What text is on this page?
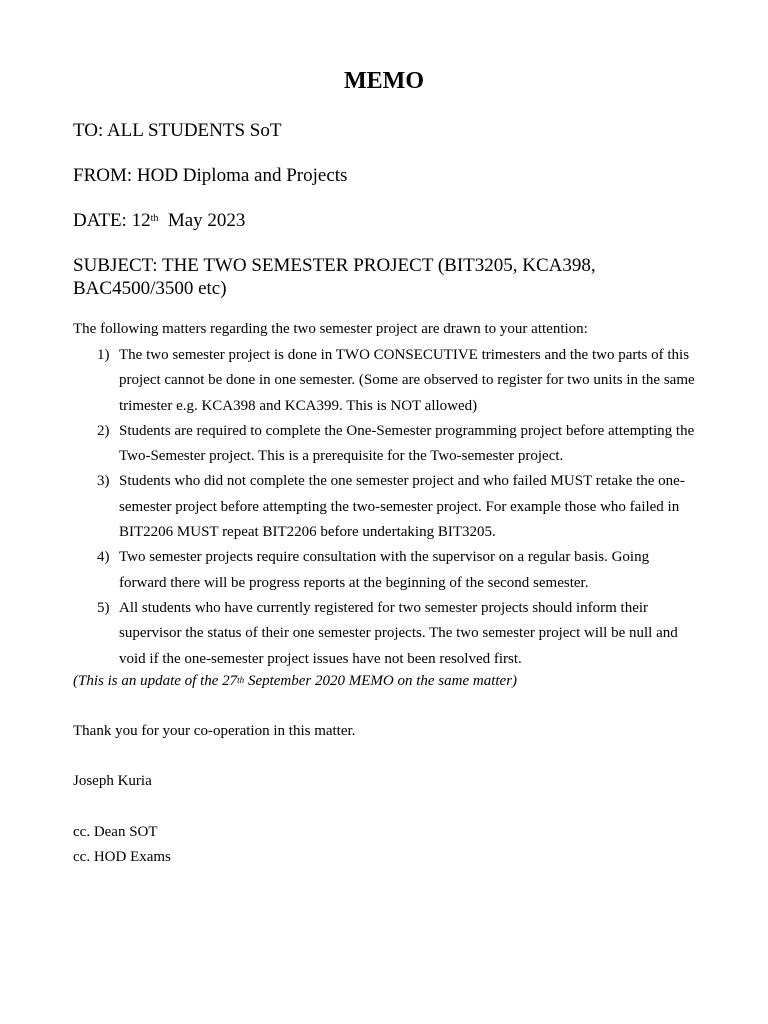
MEMO
TO: ALL STUDENTS SoT
FROM: HOD Diploma and Projects
DATE: 12th May 2023
SUBJECT: THE TWO SEMESTER PROJECT (BIT3205, KCA398, BAC4500/3500 etc)
The following matters regarding the two semester project are drawn to your attention:
1) The two semester project is done in TWO CONSECUTIVE trimesters and the two parts of this project cannot be done in one semester. (Some are observed to register for two units in the same trimester e.g. KCA398 and KCA399. This is NOT allowed)
2) Students are required to complete the One-Semester programming project before attempting the Two-Semester project. This is a prerequisite for the Two-semester project.
3) Students who did not complete the one semester project and who failed MUST retake the one-semester project before attempting the two-semester project. For example those who failed in BIT2206 MUST repeat BIT2206 before undertaking BIT3205.
4) Two semester projects require consultation with the supervisor on a regular basis. Going forward there will be progress reports at the beginning of the second semester.
5) All students who have currently registered for two semester projects should inform their supervisor the status of their one semester projects. The two semester project will be null and void if the one-semester project issues have not been resolved first.
(This is an update of the 27th September 2020 MEMO on the same matter)
Thank you for your co-operation in this matter.
Joseph Kuria
cc. Dean SOT
cc. HOD Exams
